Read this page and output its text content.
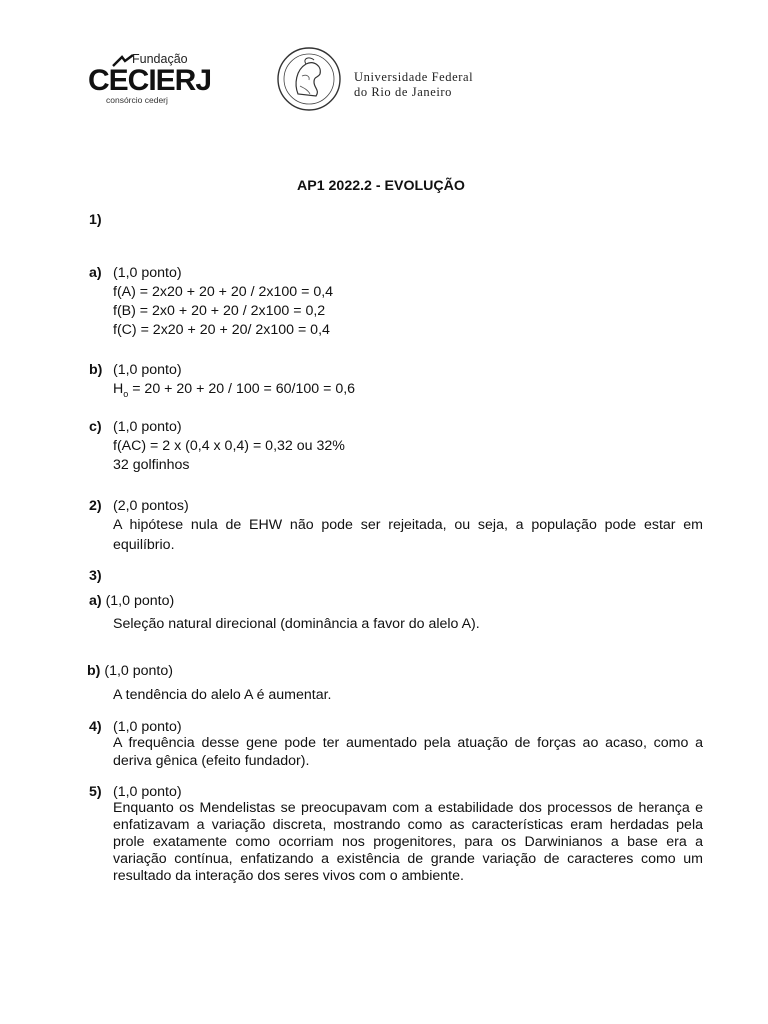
Fundação
CECIERJ
consórcio cederj
Universidade Federal
do Rio de Janeiro
AP1 2022.2 - EVOLUÇÃO
1)
a) (1,0 ponto)
f(A) = 2x20 + 20 + 20 / 2x100 = 0,4
f(B) = 2x0 + 20 + 20 / 2x100 = 0,2
f(C) = 2x20 + 20 + 20/ 2x100 = 0,4
b) (1,0 ponto)
$H_o = 20 + 20 + 20 / 100 = 60/100 = 0,6$
c) (1,0 ponto)
f(AC) = 2 x (0,4 x 0,4) = 0,32 ou 32%
32 golfinhos
2) (2,0 pontos)
A hipótese nula de EHW não pode ser rejeitada, ou seja, a população pode estar em equilíbrio.
3)
a) (1,0 ponto)
Seleção natural direcional (dominância a favor do alelo A).
b) (1,0 ponto)
A tendência do alelo A é aumentar.
4) (1,0 ponto)
A frequência desse gene pode ter aumentado pela atuação de forças ao acaso, como a deriva gênica (efeito fundador).
5) (1,0 ponto)
Enquanto os Mendelistas se preocupavam com a estabilidade dos processos de herança e enfatizavam a variação discreta, mostrando como as características eram herdadas pela prole exatamente como ocorriam nos progenitores, para os Darwinianos a base era a variação contínua, enfatizando a existência de grande variação de caracteres como um resultado da interação dos seres vivos com o ambiente.
